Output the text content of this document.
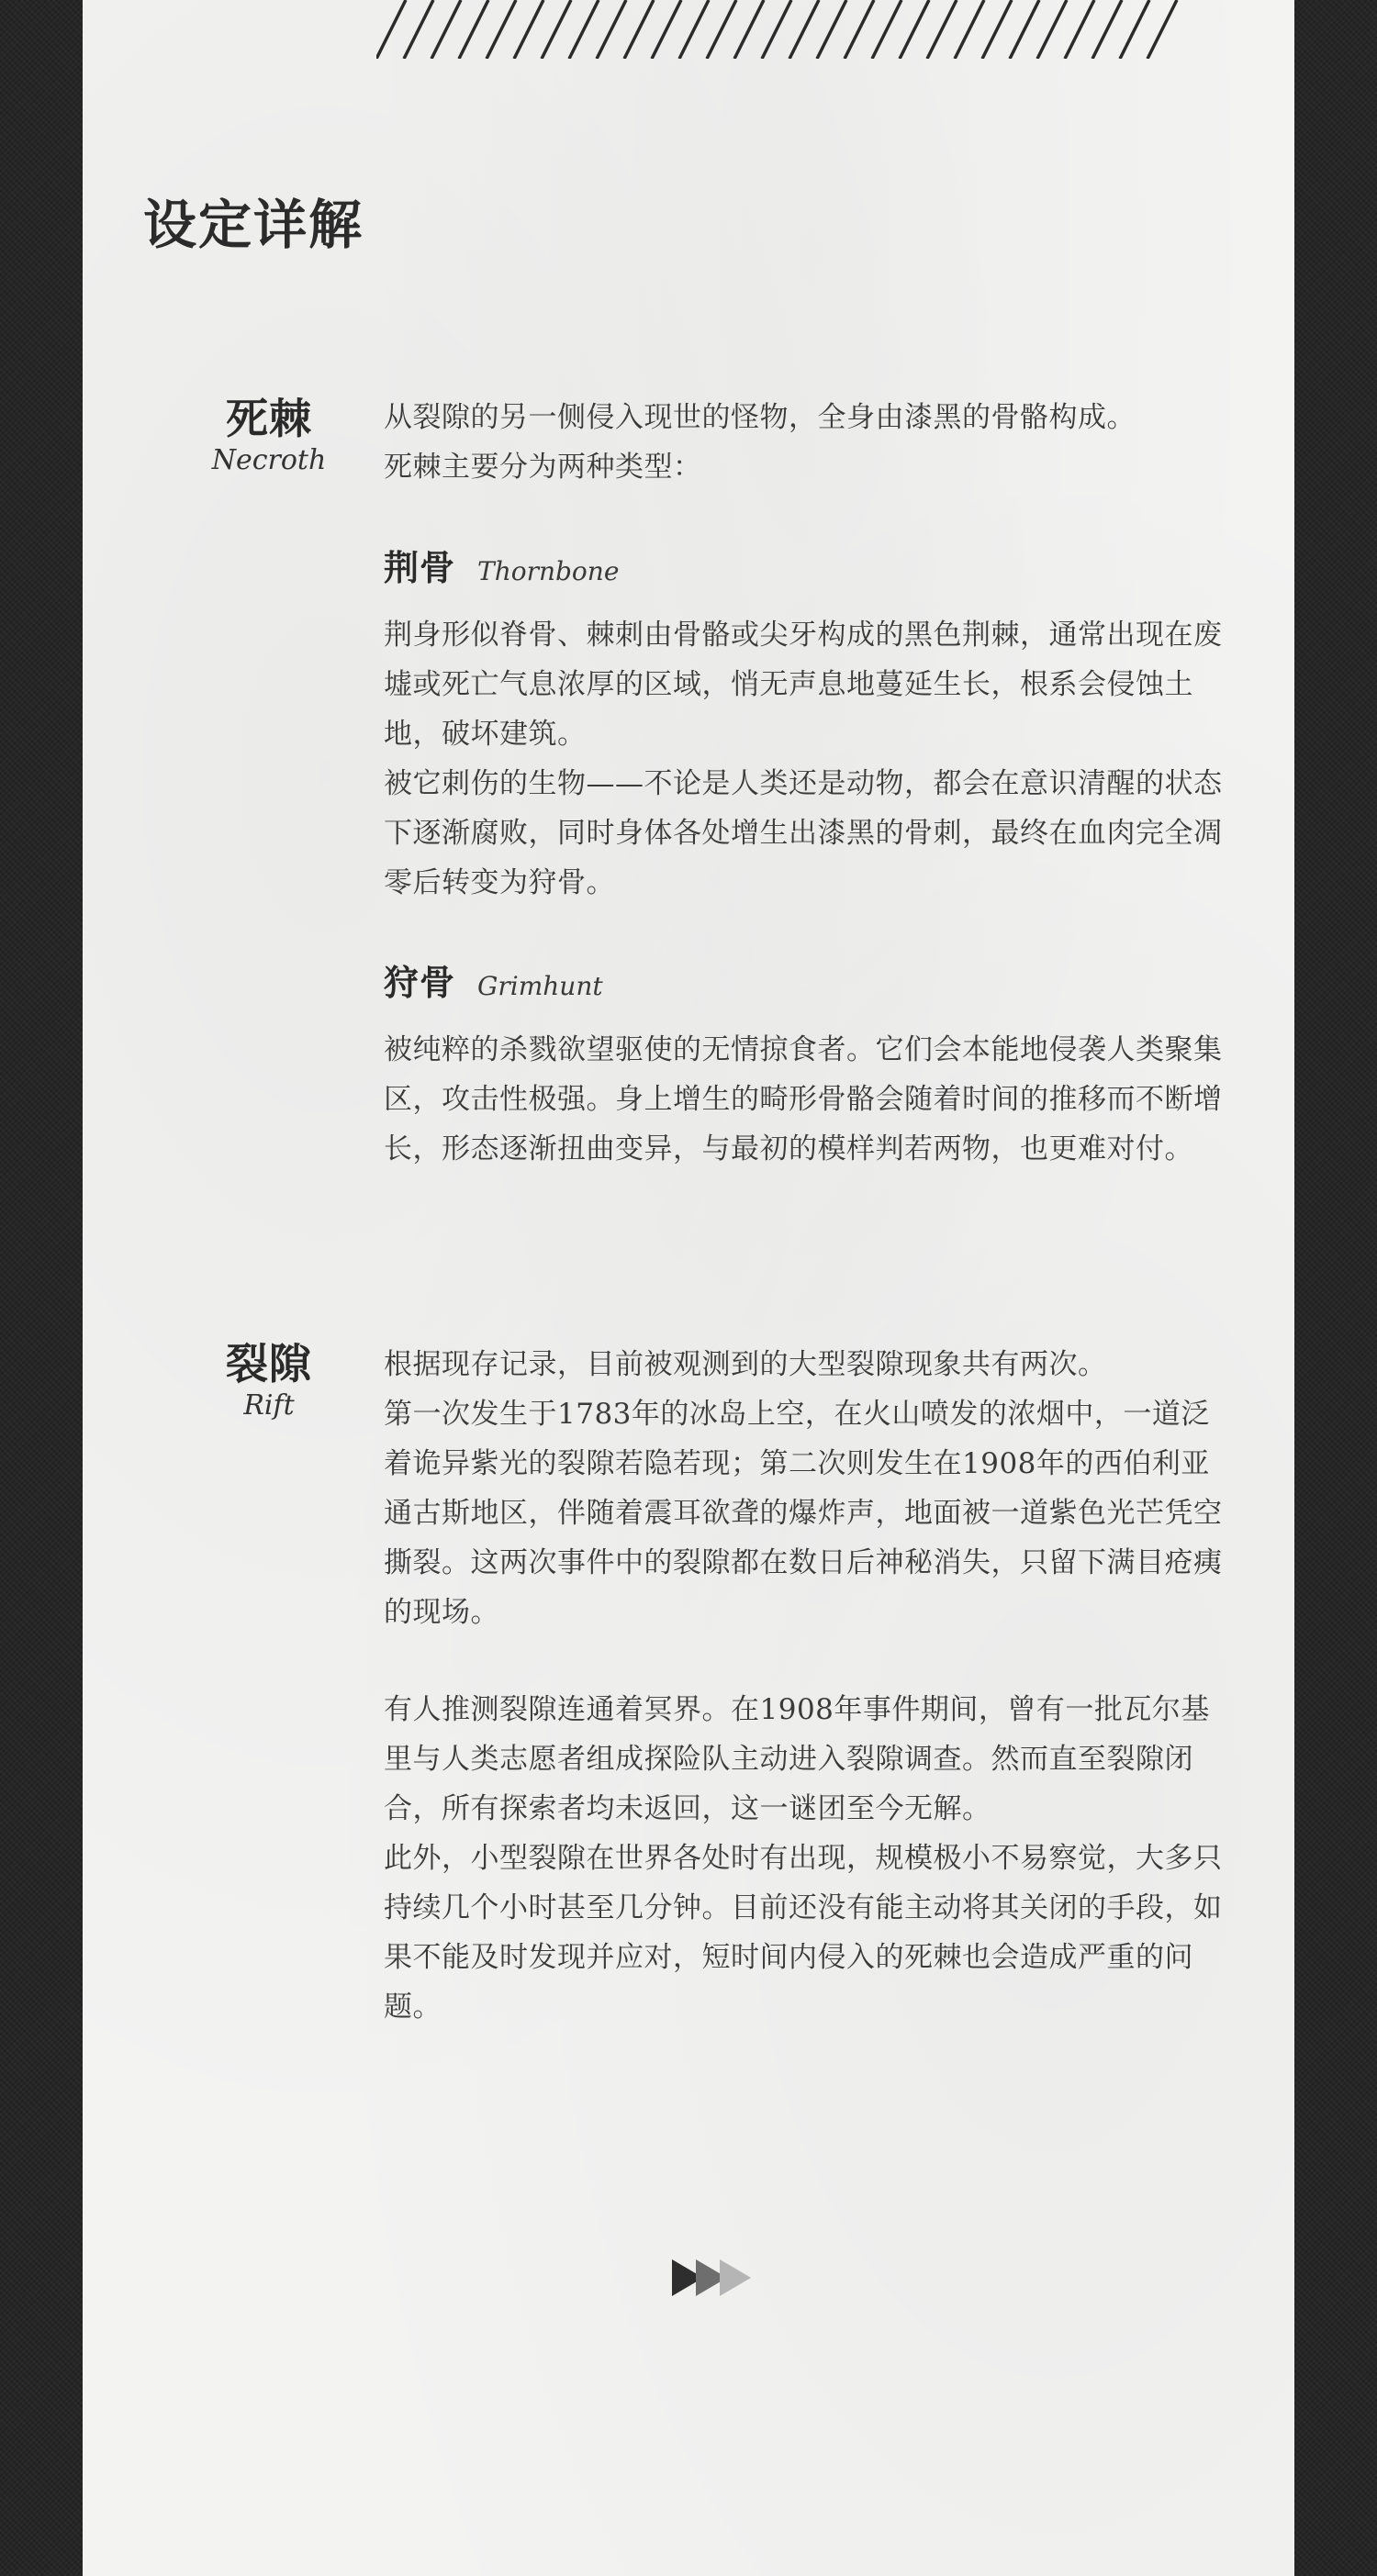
设定详解
死棘
Necroth

从裂隙的另一侧侵入现世的怪物，全身由漆黑的骨骼构成。
死棘主要分为两种类型：

荆骨 Thornbone

荆身形似脊骨、棘刺由骨骼或尖牙构成的黑色荆棘，通常出现在废墟或死亡气息浓厚的区域，悄无声息地蔓延生长，根系会侵蚀土地，破坏建筑。
被它刺伤的生物——不论是人类还是动物，都会在意识清醒的状态下逐渐腐败，同时身体各处增生出漆黑的骨刺，最终在血肉完全凋零后转变为狩骨。

狩骨 Grimhunt

被纯粹的杀戮欲望驱使的无情掠食者。它们会本能地侵袭人类聚集区，攻击性极强。身上增生的畸形骨骼会随着时间的推移而不断增长，形态逐渐扭曲变异，与最初的模样判若两物，也更难对付。

裂隙
Rift

根据现存记录，目前被观测到的大型裂隙现象共有两次。
第一次发生于1783年的冰岛上空，在火山喷发的浓烟中，一道泛着诡异紫光的裂隙若隐若现；第二次则发生在1908年的西伯利亚通古斯地区，伴随着震耳欲聋的爆炸声，地面被一道紫色光芒凭空撕裂。这两次事件中的裂隙都在数日后神秘消失，只留下满目疮痍的现场。

有人推测裂隙连通着冥界。在1908年事件期间，曾有一批瓦尔基里与人类志愿者组成探险队主动进入裂隙调查。然而直至裂隙闭合，所有探索者均未返回，这一谜团至今无解。
此外，小型裂隙在世界各处时有出现，规模极小不易察觉，大多只持续几个小时甚至几分钟。目前还没有能主动将其关闭的手段，如果不能及时发现并应对，短时间内侵入的死棘也会造成严重的问题。
